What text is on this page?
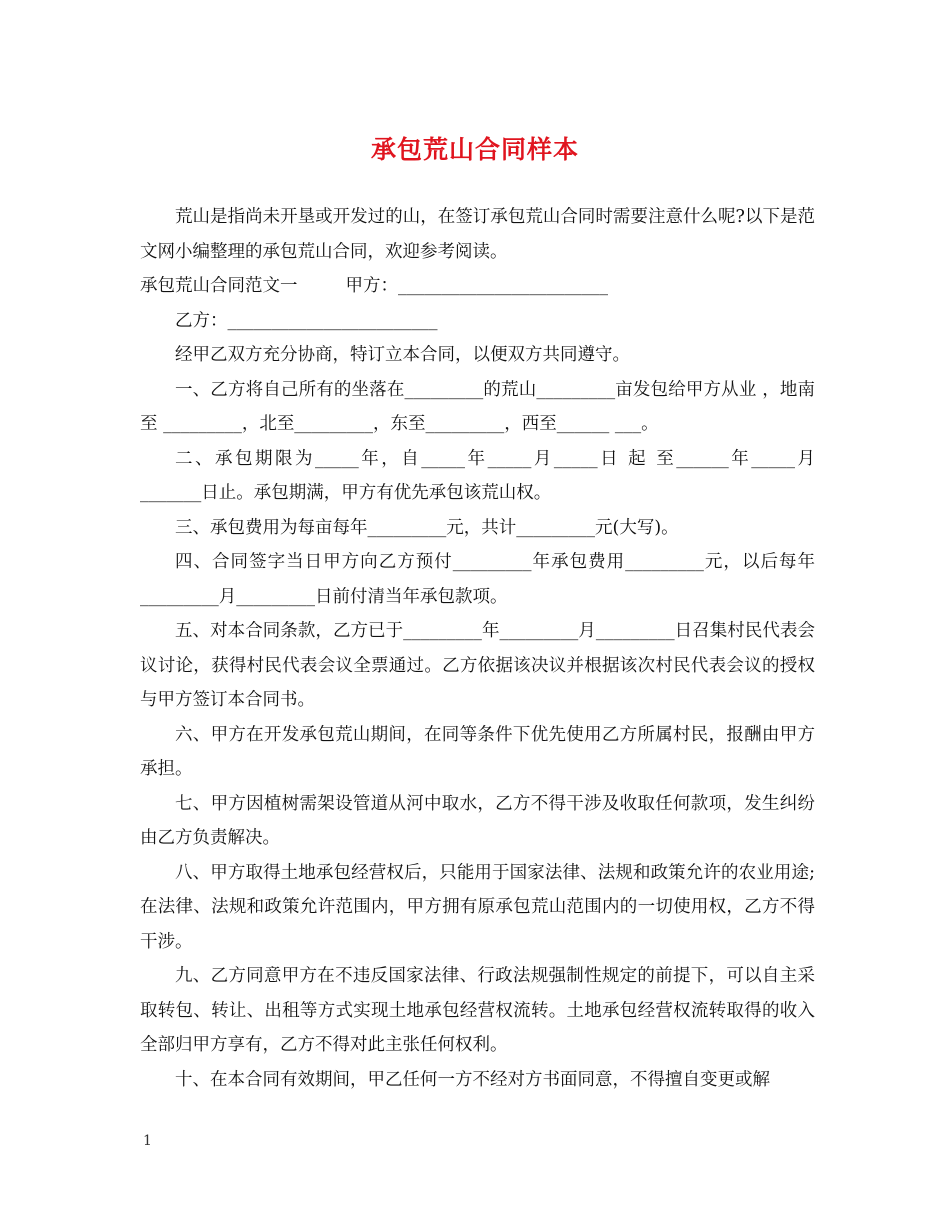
承包荒山合同样本

荒山是指尚未开垦或开发过的山，在签订承包荒山合同时需要注意什么呢?以下是范文网小编整理的承包荒山合同，欢迎参考阅读。

承包荒山合同范文一	甲方：________________________

乙方：________________________

经甲乙双方充分协商，特订立本合同，以便双方共同遵守。

一、乙方将自己所有的坐落在_________的荒山_________亩发包给甲方从业 ，地南至 _________，北至_________，东至_________，西至______ ___。

二、承包期限为_____年，自_____年_____月_____日 起 至______年_____月_______日止。承包期满，甲方有优先承包该荒山权。

三、承包费用为每亩每年_________元，共计_________元(大写)。

四、合同签字当日甲方向乙方预付_________年承包费用_________元，以后每年_________月_________日前付清当年承包款项。

五、对本合同条款，乙方已于_________年_________月_________日召集村民代表会议讨论，获得村民代表会议全票通过。乙方依据该决议并根据该次村民代表会议的授权与甲方签订本合同书。

六、甲方在开发承包荒山期间，在同等条件下优先使用乙方所属村民，报酬由甲方承担。

七、甲方因植树需架设管道从河中取水，乙方不得干涉及收取任何款项，发生纠纷由乙方负责解决。

八、甲方取得土地承包经营权后，只能用于国家法律、法规和政策允许的农业用途;在法律、法规和政策允许范围内，甲方拥有原承包荒山范围内的一切使用权，乙方不得干涉。

九、乙方同意甲方在不违反国家法律、行政法规强制性规定的前提下，可以自主采取转包、转让、出租等方式实现土地承包经营权流转。土地承包经营权流转取得的收入全部归甲方享有，乙方不得对此主张任何权利。

十、在本合同有效期间，甲乙任何一方不经对方书面同意，不得擅自变更或解

1
